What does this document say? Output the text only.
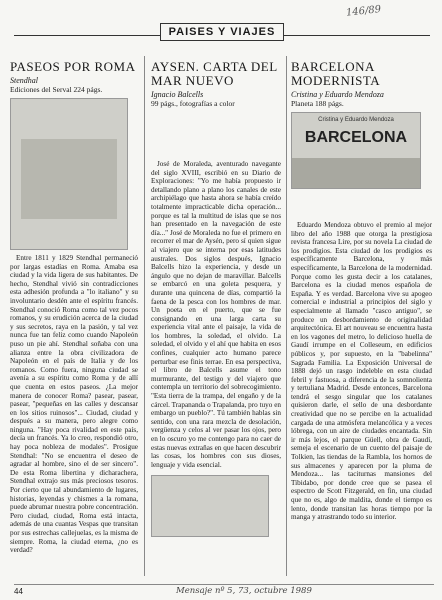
146/89
PAISES Y VIAJES
PASEOS POR ROMA
Stendhal
Ediciones del Serval 224 págs.

Entre 1811 y 1829 Stendhal permaneció por largas estadías en Roma. Amaba esa ciudad y la vida ligera de sus habitantes. De hecho, Stendhal vivió sin contradicciones esta adhesión profunda a "lo italiano" y su involuntario desdén ante el espíritu francés. Stendhal conoció Roma como tal vez pocos romanos, y su erudición acerca de la ciudad y sus secretos, raya en la pasión, y tal vez nunca fue tan feliz como cuando Napoleón puso un pie ahí. Stendhal soñaba con una alianza entre la obra civilizadora de Napoleón en el país de Italia y de los romanos. Como fuera, ninguna ciudad se avenía a su espíritu como Roma y de allí que cuenta en estos paseos. ¿La mejor manera de conocer Roma? pasear, pasear, pasear, "pequeñas en las calles y descansar en los sitios ruinosos"... Ciudad, ciudad y después a su manera, pero alegre como ninguna. "Hay poca rivalidad en este país, decía un francés. Ya lo creo, respondió otro, hay poca nobleza de modales". Prosigue Stendhal: "No se encuentra el deseo de agradar al hombre, sino el de ser sincero". De esta Roma libertina y dicharachera, Stendhal extrajo sus más preciosos tesoros. Por cierto que tal abundamiento de lugares, historias, leyendas y chismes a la romana, puede abrumar nuestra pobre concentración. Pero ciudad, ciudad, Roma está intacta, además de una cuantas Vespas que transitan por sus estrechas callejuelas, es la misma de siempre. Roma, la ciudad eterna, ¿no es verdad?

AYSEN. CARTA DEL MAR NUEVO
Ignacio Balcells
99 págs., fotografías a color

José de Moraleda, aventurado navegante del siglo XVIII, escribió en su Diario de Exploraciones: "Yo me había propuesto ir detallando plano a plano los canales de este archipiélago que hasta ahora se había creído totalmente impracticable dicha operación... porque es tal la multitud de islas que se nos han presentado en la navegación de este día..." José de Moraleda no fue el primero en recorrer el mar de Aysén, pero sí quien sigue al viajero que se interna por esas latitudes australes. Dos siglos después, Ignacio Balcells hizo la experiencia, y desde un ángulo que no dejan de maravillar. Balcells se embarcó en una goleta pesquera, y durante una quincena de días, compartió la faena de la pesca con los hombres de mar. Un poeta en el puerto, que se fue consignando en una larga carta su experiencia vital ante el paisaje, la vida de los hombres, la soledad, el olvido. La soledad, el olvido y el ahí que habita en esos confines, cualquier acto humano parece perturbar ese finis terrae. En esa perspectiva, el libro de Balcells asume el tono murmurante, del testigo y del viajero que contempla un territorio del sobrecogimiento. "Esta tierra de la trampa, del engaño y de la cárcel. Trapananda o Trapalanda, pro tuyo en embargo un pueblo?". Tú también hablas sin sentido, con una rara mezcla de desolación, vergüenza y celos al ver pasar los ojos, pero en lo oscuro yo me contengo para no caer de estas nuevas extrañas en que hacen descubrir las cosas, los hombres con sus dioses, lenguaje y vida esencial.

BARCELONA MODERNISTA
Cristina y Eduardo Mendoza
Planeta 188 págs.
Cristina y Eduardo Mendoza
BARCELONA

Eduardo Mendoza obtuvo el premio al mejor libro del año 1988 que otorga la prestigiosa revista francesa Lire, por su novela La ciudad de los prodigios. Esta ciudad de los prodigios es específicamente Barcelona, y más específicamente, la Barcelona de la modernidad. Porque como les gusta decir a los catalanes, Barcelona es la ciudad menos española de España. Y es verdad. Barcelona vive su apogeo comercial e industrial a principios del siglo y especialmente al llamado "casco antiguo", se produce un desbordamiento de originalidad arquitectónica. El art nouveau se encuentra hasta en los vagones del metro, lo delicioso huella de Gaudí irrumpe en el Colleseum, en edificios públicos y, por supuesto, en la "babelinna" Sagrada Familia. La Exposición Universal de 1888 dejó un rasgo indeleble en esta ciudad febril y fastuosa, a diferencia de la somnolienta y tertuliana Madrid. Desde entonces, Barcelona tendrá el sesgo singular que los catalanes quisieron darle, el sello de una desbordante creatividad que no se percibe en la actualidad cargada de una atmósfera melancólica y a veces lóbrega, con un aire de ciudades encantada. Sin ir más lejos, el parque Güell, obra de Gaudí, semeja el escenario de un cuento del paisaje de Tolkien, las tiendas de la Rambla, los hornos de sus almacenes y aparecen por la pluma de Mendoza... las taciturnas mansiones del Tibidabo, por donde cree que se pasea el espectro de Scott Fitzgerald, en fin, una ciudad que no es, algo de maldita, donde el tiempo es lento, donde transitan las horas tiempo por la manga y atrastrando todo su interior.

44	Mensaje nº 5, 73, octubre 1989
